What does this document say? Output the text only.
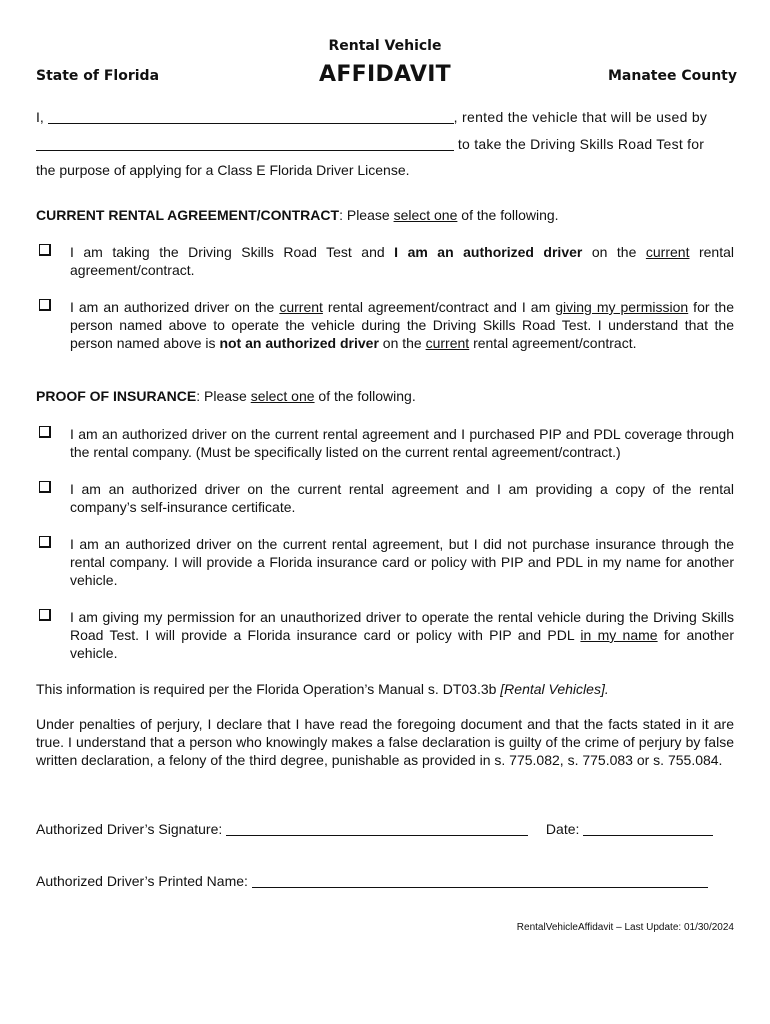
Rental Vehicle
AFFIDAVIT
State of Florida	Manatee County
I,	, rented the vehicle that will be used by
to take the Driving Skills Road Test for
the purpose of applying for a Class E Florida Driver License.
CURRENT RENTAL AGREEMENT/CONTRACT: Please select one of the following.
I am taking the Driving Skills Road Test and I am an authorized driver on the current rental agreement/contract.
I am an authorized driver on the current rental agreement/contract and I am giving my permission for the person named above to operate the vehicle during the Driving Skills Road Test. I understand that the person named above is not an authorized driver on the current rental agreement/contract.
PROOF OF INSURANCE: Please select one of the following.
I am an authorized driver on the current rental agreement and I purchased PIP and PDL coverage through the rental company. (Must be specifically listed on the current rental agreement/contract.)
I am an authorized driver on the current rental agreement and I am providing a copy of the rental company’s self-insurance certificate.
I am an authorized driver on the current rental agreement, but I did not purchase insurance through the rental company. I will provide a Florida insurance card or policy with PIP and PDL in my name for another vehicle.
I am giving my permission for an unauthorized driver to operate the rental vehicle during the Driving Skills Road Test. I will provide a Florida insurance card or policy with PIP and PDL in my name for another vehicle.
This information is required per the Florida Operation’s Manual s. DT03.3b [Rental Vehicles].
Under penalties of perjury, I declare that I have read the foregoing document and that the facts stated in it are true. I understand that a person who knowingly makes a false declaration is guilty of the crime of perjury by false written declaration, a felony of the third degree, punishable as provided in s. 775.082, s. 775.083 or s. 755.084.
Authorized Driver’s Signature:	Date:
Authorized Driver’s Printed Name:
RentalVehicleAffidavit – Last Update: 01/30/2024
